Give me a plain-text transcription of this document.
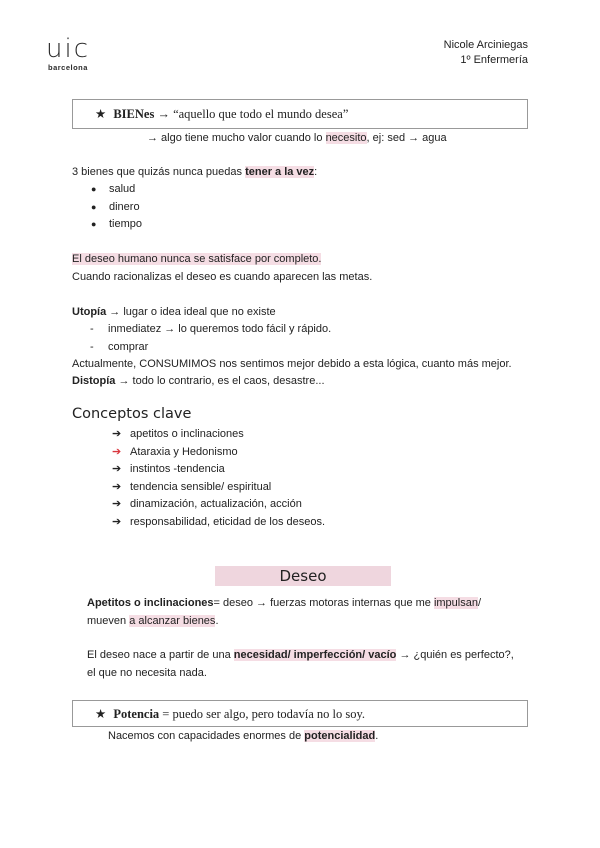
uic
barcelona
Nicole Arciniegas
1º Enfermería
★ BIENes → “aquello que todo el mundo desea”
→ algo tiene mucho valor cuando lo necesito, ej: sed → agua
3 bienes que quizás nunca puedas tener a la vez:
● salud
● dinero
● tiempo
El deseo humano nunca se satisface por completo.
Cuando racionalizas el deseo es cuando aparecen las metas.
Utopía → lugar o idea ideal que no existe
- inmediatez → lo queremos todo fácil y rápido.
- comprar
Actualmente, CONSUMIMOS nos sentimos mejor debido a esta lógica, cuanto más mejor.
Distopía → todo lo contrario, es el caos, desastre...
Conceptos clave
➔ apetitos o inclinaciones
➔ Ataraxia y Hedonismo
➔ instintos -tendencia
➔ tendencia sensible/ espiritual
➔ dinamización, actualización, acción
➔ responsabilidad, eticidad de los deseos.
Deseo
Apetitos o inclinaciones= deseo → fuerzas motoras internas que me impulsan/
mueven a alcanzar bienes.
El deseo nace a partir de una necesidad/ imperfección/ vacío → ¿quién es perfecto?,
el que no necesita nada.
★ Potencia = puedo ser algo, pero todavía no lo soy.
Nacemos con capacidades enormes de potencialidad.
